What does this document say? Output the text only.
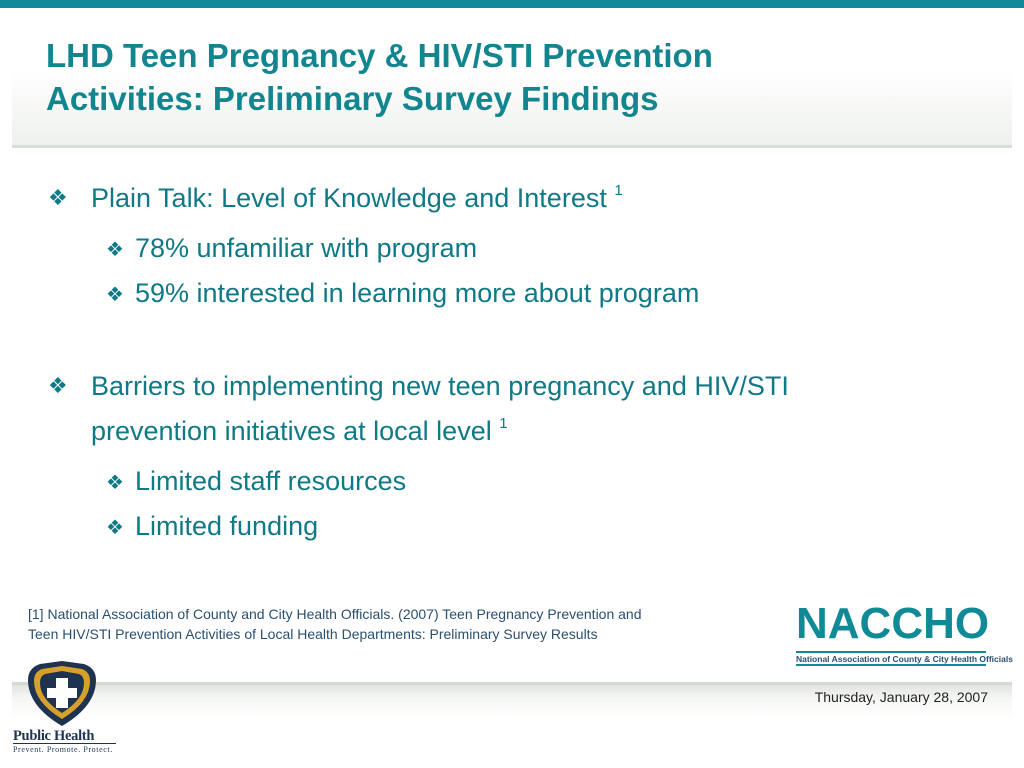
LHD Teen Pregnancy & HIV/STI Prevention
Activities: Preliminary Survey Findings
❖ Plain Talk: Level of Knowledge and Interest $^1$
❖ 78% unfamiliar with program
❖ 59% interested in learning more about program
❖ Barriers to implementing new teen pregnancy and HIV/STI
prevention initiatives at local level $^1$
❖ Limited staff resources
❖ Limited funding
[1] National Association of County and City Health Officials. (2007) Teen Pregnancy Prevention and
Teen HIV/STI Prevention Activities of Local Health Departments: Preliminary Survey Results	NACCHO
National Association of County & City Health Officials
Thursday, January 28, 2007
Public Health
Prevent. Promote. Protect.
